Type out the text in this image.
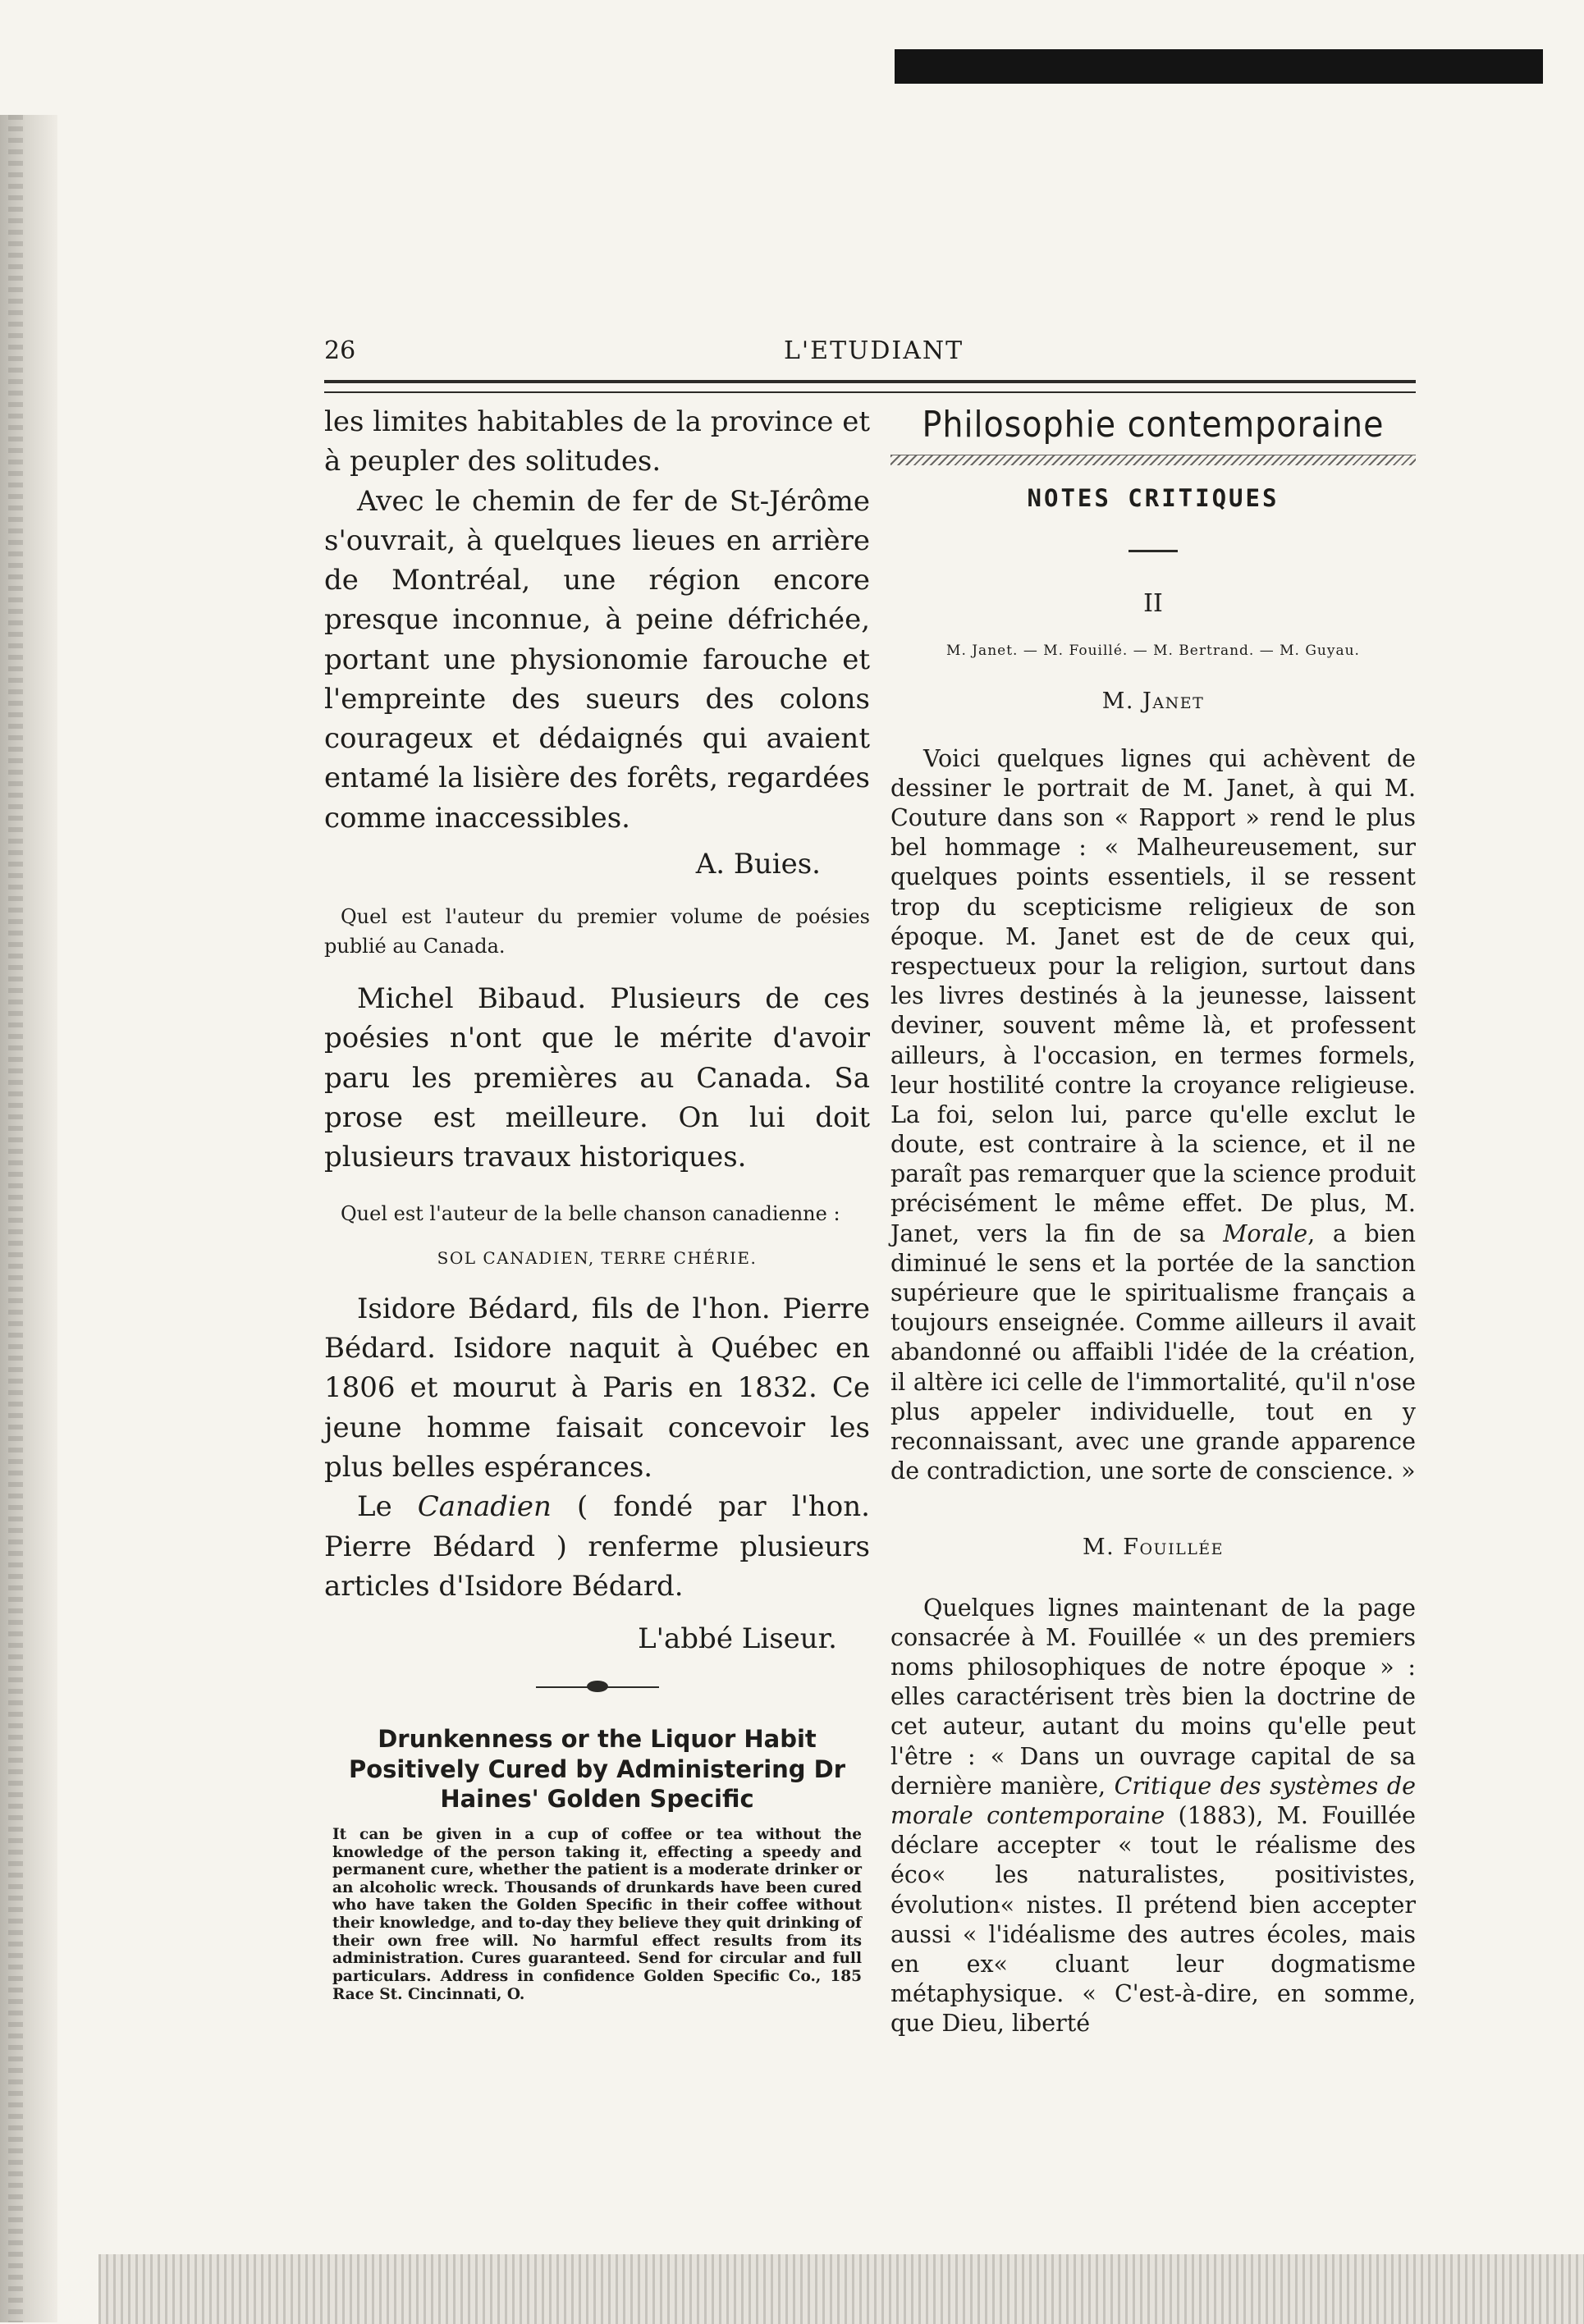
26	L'ETUDIANT

les limites habitables de la province et à peupler des solitudes.

Avec le chemin de fer de St-Jérôme s'ouvrait, à quelques lieues en arrière de Montréal, une région encore presque inconnue, à peine défrichée, portant une physionomie farouche et l'empreinte des sueurs des colons courageux et dédaignés qui avaient entamé la lisière des forêts, regardées comme inaccessibles.

A. Buies.

Quel est l'auteur du premier volume de poésies publié au Canada.

Michel Bibaud. Plusieurs de ces poésies n'ont que le mérite d'avoir paru les premières au Canada. Sa prose est meilleure. On lui doit plusieurs travaux historiques.

Quel est l'auteur de la belle chanson canadienne :

SOL CANADIEN, TERRE CHÉRIE.

Isidore Bédard, fils de l'hon. Pierre Bédard. Isidore naquit à Québec en 1806 et mourut à Paris en 1832. Ce jeune homme faisait concevoir les plus belles espérances.

Le Canadien ( fondé par l'hon. Pierre Bédard ) renferme plusieurs articles d'Isidore Bédard.

L'abbé Liseur.

Drunkenness or the Liquor Habit Positively Cured by Administering Dr Haines' Golden Specific

It can be given in a cup of coffee or tea without the knowledge of the person taking it, effecting a speedy and permanent cure, whether the patient is a moderate drinker or an alcoholic wreck. Thousands of drunkards have been cured who have taken the Golden Specific in their coffee without their knowledge, and to-day they believe they quit drinking of their own free will. No harmful effect results from its administration. Cures guaranteed. Send for circular and full particulars. Address in confidence Golden Specific Co., 185 Race St. Cincinnati, O.

Philosophie contemporaine
NOTES CRITIQUES
II
M. Janet. — M. Fouillé. — M. Bertrand. — M. Guyau.
M. Janet

Voici quelques lignes qui achèvent de dessiner le portrait de M. Janet, à qui M. Couture dans son « Rapport » rend le plus bel hommage : « Malheureusement, sur quelques points essentiels, il se ressent trop du scepticisme religieux de son époque. M. Janet est de de ceux qui, respectueux pour la religion, surtout dans les livres destinés à la jeunesse, laissent deviner, souvent même là, et professent ailleurs, à l'occasion, en termes formels, leur hostilité contre la croyance religieuse. La foi, selon lui, parce qu'elle exclut le doute, est contraire à la science, et il ne paraît pas remarquer que la science produit précisément le même effet. De plus, M. Janet, vers la fin de sa Morale, a bien diminué le sens et la portée de la sanction supérieure que le spiritualisme français a toujours enseignée. Comme ailleurs il avait abandonné ou affaibli l'idée de la création, il altère ici celle de l'immortalité, qu'il n'ose plus appeler individuelle, tout en y reconnaissant, avec une grande apparence de contradiction, une sorte de conscience. »

M. Fouillée

Quelques lignes maintenant de la page consacrée à M. Fouillée « un des premiers noms philosophiques de notre époque » : elles caractérisent très bien la doctrine de cet auteur, autant du moins qu'elle peut l'être : « Dans un ouvrage capital de sa dernière manière, Critique des systèmes de morale contemporaine (1883), M. Fouillée déclare accepter « tout le réalisme des éco« les naturalistes, positivistes, évolution« nistes. Il prétend bien accepter aussi « l'idéalisme des autres écoles, mais en ex« cluant leur dogmatisme métaphysique. « C'est-à-dire, en somme, que Dieu, liberté
